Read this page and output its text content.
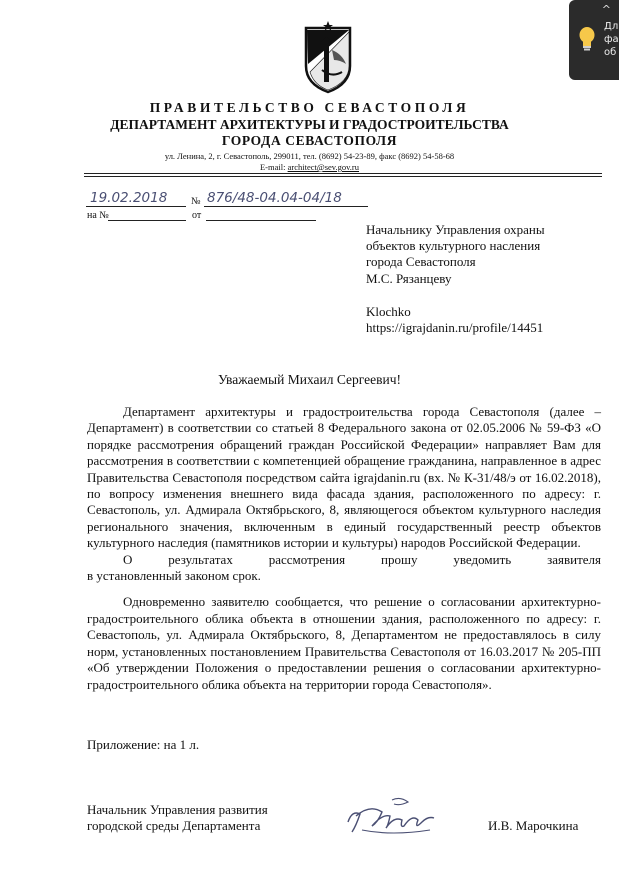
ПРАВИТЕЛЬСТВО СЕВАСТОПОЛЯ
ДЕПАРТАМЕНТ АРХИТЕКТУРЫ И ГРАДОСТРОИТЕЛЬСТВА
ГОРОДА СЕВАСТОПОЛЯ
ул. Ленина, 2, г. Севастополь, 299011, тел. (8692) 54-23-89, факс (8692) 54-58-68
E-mail: architect@sev.gov.ru
19.02.2018 № 876/48-04.04-04/18
на №	от
Начальнику Управления охраны
объектов культурного насления
города Севастополя
М.С. Рязанцеву
Klochko
https://igrajdanin.ru/profile/14451
Уважаемый Михаил Сергеевич!

Департамент архитектуры и градостроительства города Севастополя (далее – Департамент) в соответствии со статьей 8 Федерального закона от 02.05.2006 № 59-ФЗ «О порядке рассмотрения обращений граждан Российской Федерации» направляет Вам для рассмотрения в соответствии с компетенцией обращение гражданина, направленное в адрес Правительства Севастополя посредством сайта igrajdanin.ru (вх. № К-31/48/э от 16.02.2018), по вопросу изменения внешнего вида фасада здания, расположенного по адресу: г. Севастополь, ул. Адмирала Октябрьского, 8, являющегося объектом культурного наследия регионального значения, включенным в единый государственный реестр объектов культурного наследия (памятников истории и культуры) народов Российской Федерации.

О результатах рассмотрения прошу уведомить заявителя

в установленный законом срок.

Одновременно заявителю сообщается, что решение о согласовании архитектурно-градостроительного облика объекта в отношении здания, расположенного по адресу: г. Севастополь, ул. Адмирала Октябрьского, 8, Департаментом не предоставлялось в силу норм, установленных постановлением Правительства Севастополя от 16.03.2017 № 205-ПП «Об утверждении Положения о предоставлении решения о согласовании архитектурно-градостроительного облика объекта на территории города Севастополя».

Приложение: на 1 л.
Начальник Управления развития
городской среды Департамента	И.В. Марочкина
^
Дл
фа
об
